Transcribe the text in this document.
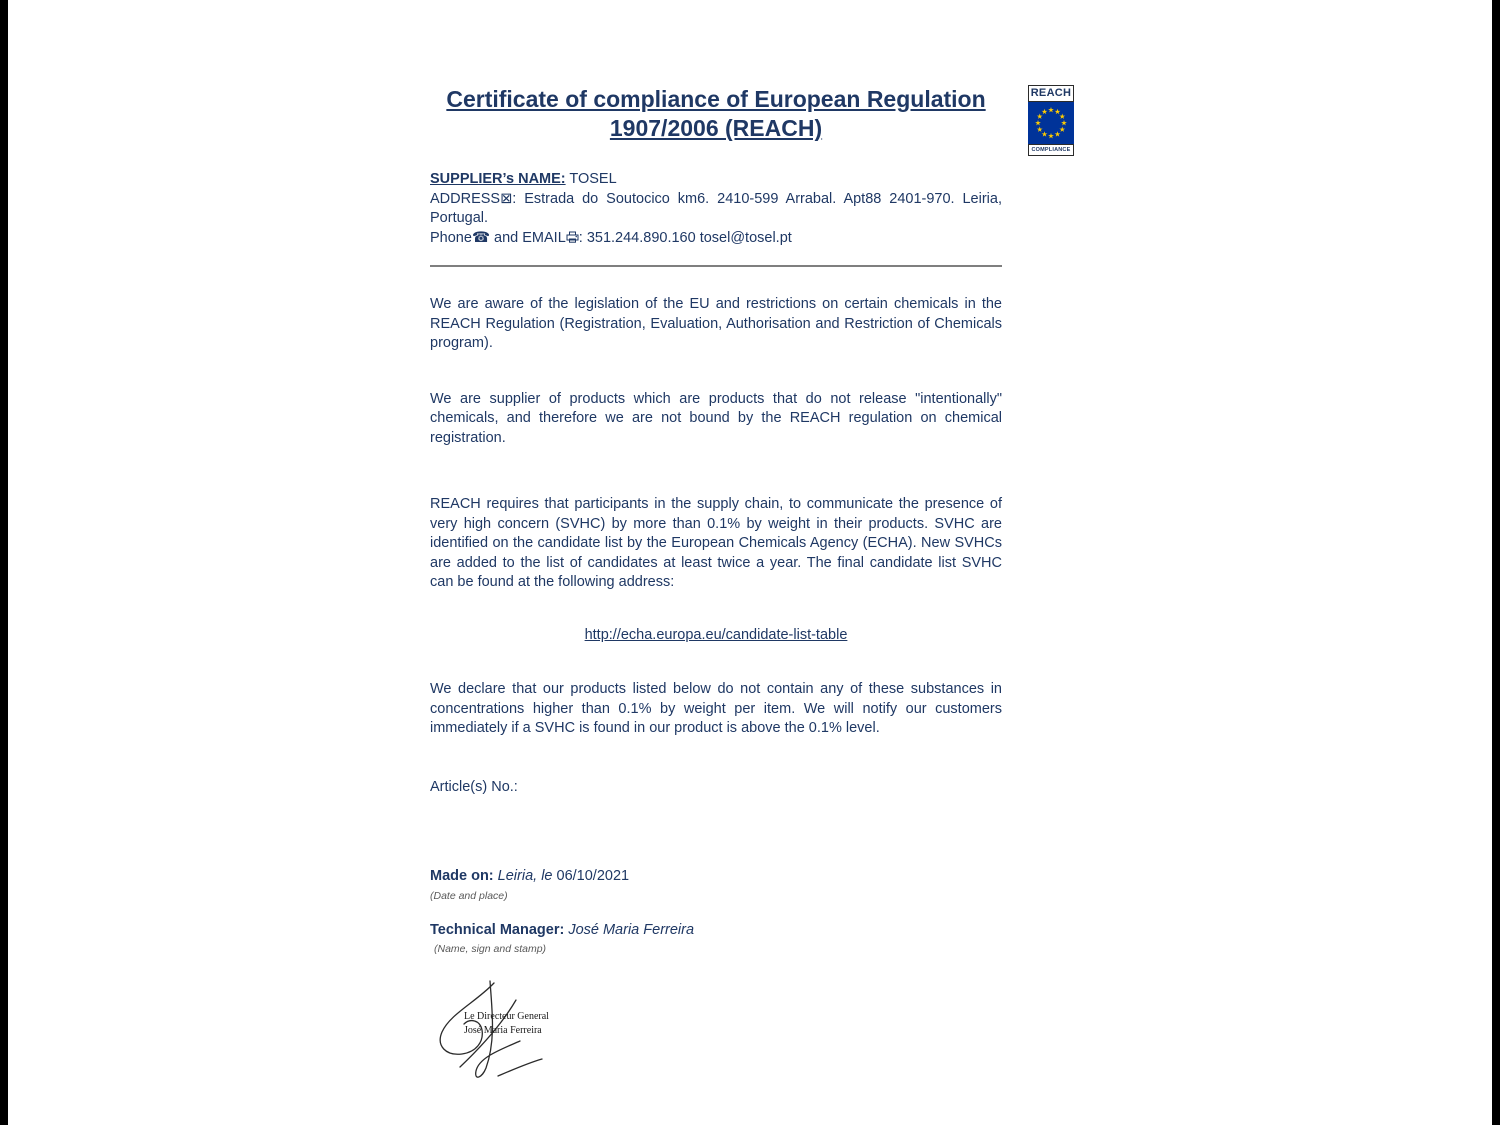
REACH
COMPLIANCE
Certificate of compliance of European Regulation
1907/2006 (REACH)

SUPPLIER’s NAME: TOSEL

ADDRESS⊠: Estrada do Soutocico km6. 2410-599 Arrabal. Apt88 2401-970. Leiria, Portugal.

Phone☎ and EMAIL : 351.244.890.160 tosel@tosel.pt

We are aware of the legislation of the EU and restrictions on certain chemicals in the REACH Regulation (Registration, Evaluation, Authorisation and Restriction of Chemicals program).

We are supplier of products which are products that do not release "intentionally" chemicals, and therefore we are not bound by the REACH regulation on chemical registration.

REACH requires that participants in the supply chain, to communicate the presence of very high concern (SVHC) by more than 0.1% by weight in their products. SVHC are identified on the candidate list by the European Chemicals Agency (ECHA). New SVHCs are added to the list of candidates at least twice a year. The final candidate list SVHC can be found at the following address:

http://echa.europa.eu/candidate-list-table

We declare that our products listed below do not contain any of these substances in concentrations higher than 0.1% by weight per item. We will notify our customers immediately if a SVHC is found in our product is above the 0.1% level.

Article(s) No.:

Made on: Leiria, le 06/10/2021

(Date and place)

Technical Manager: José Maria Ferreira

(Name, sign and stamp)

Le Directeur General
José Maria Ferreira
